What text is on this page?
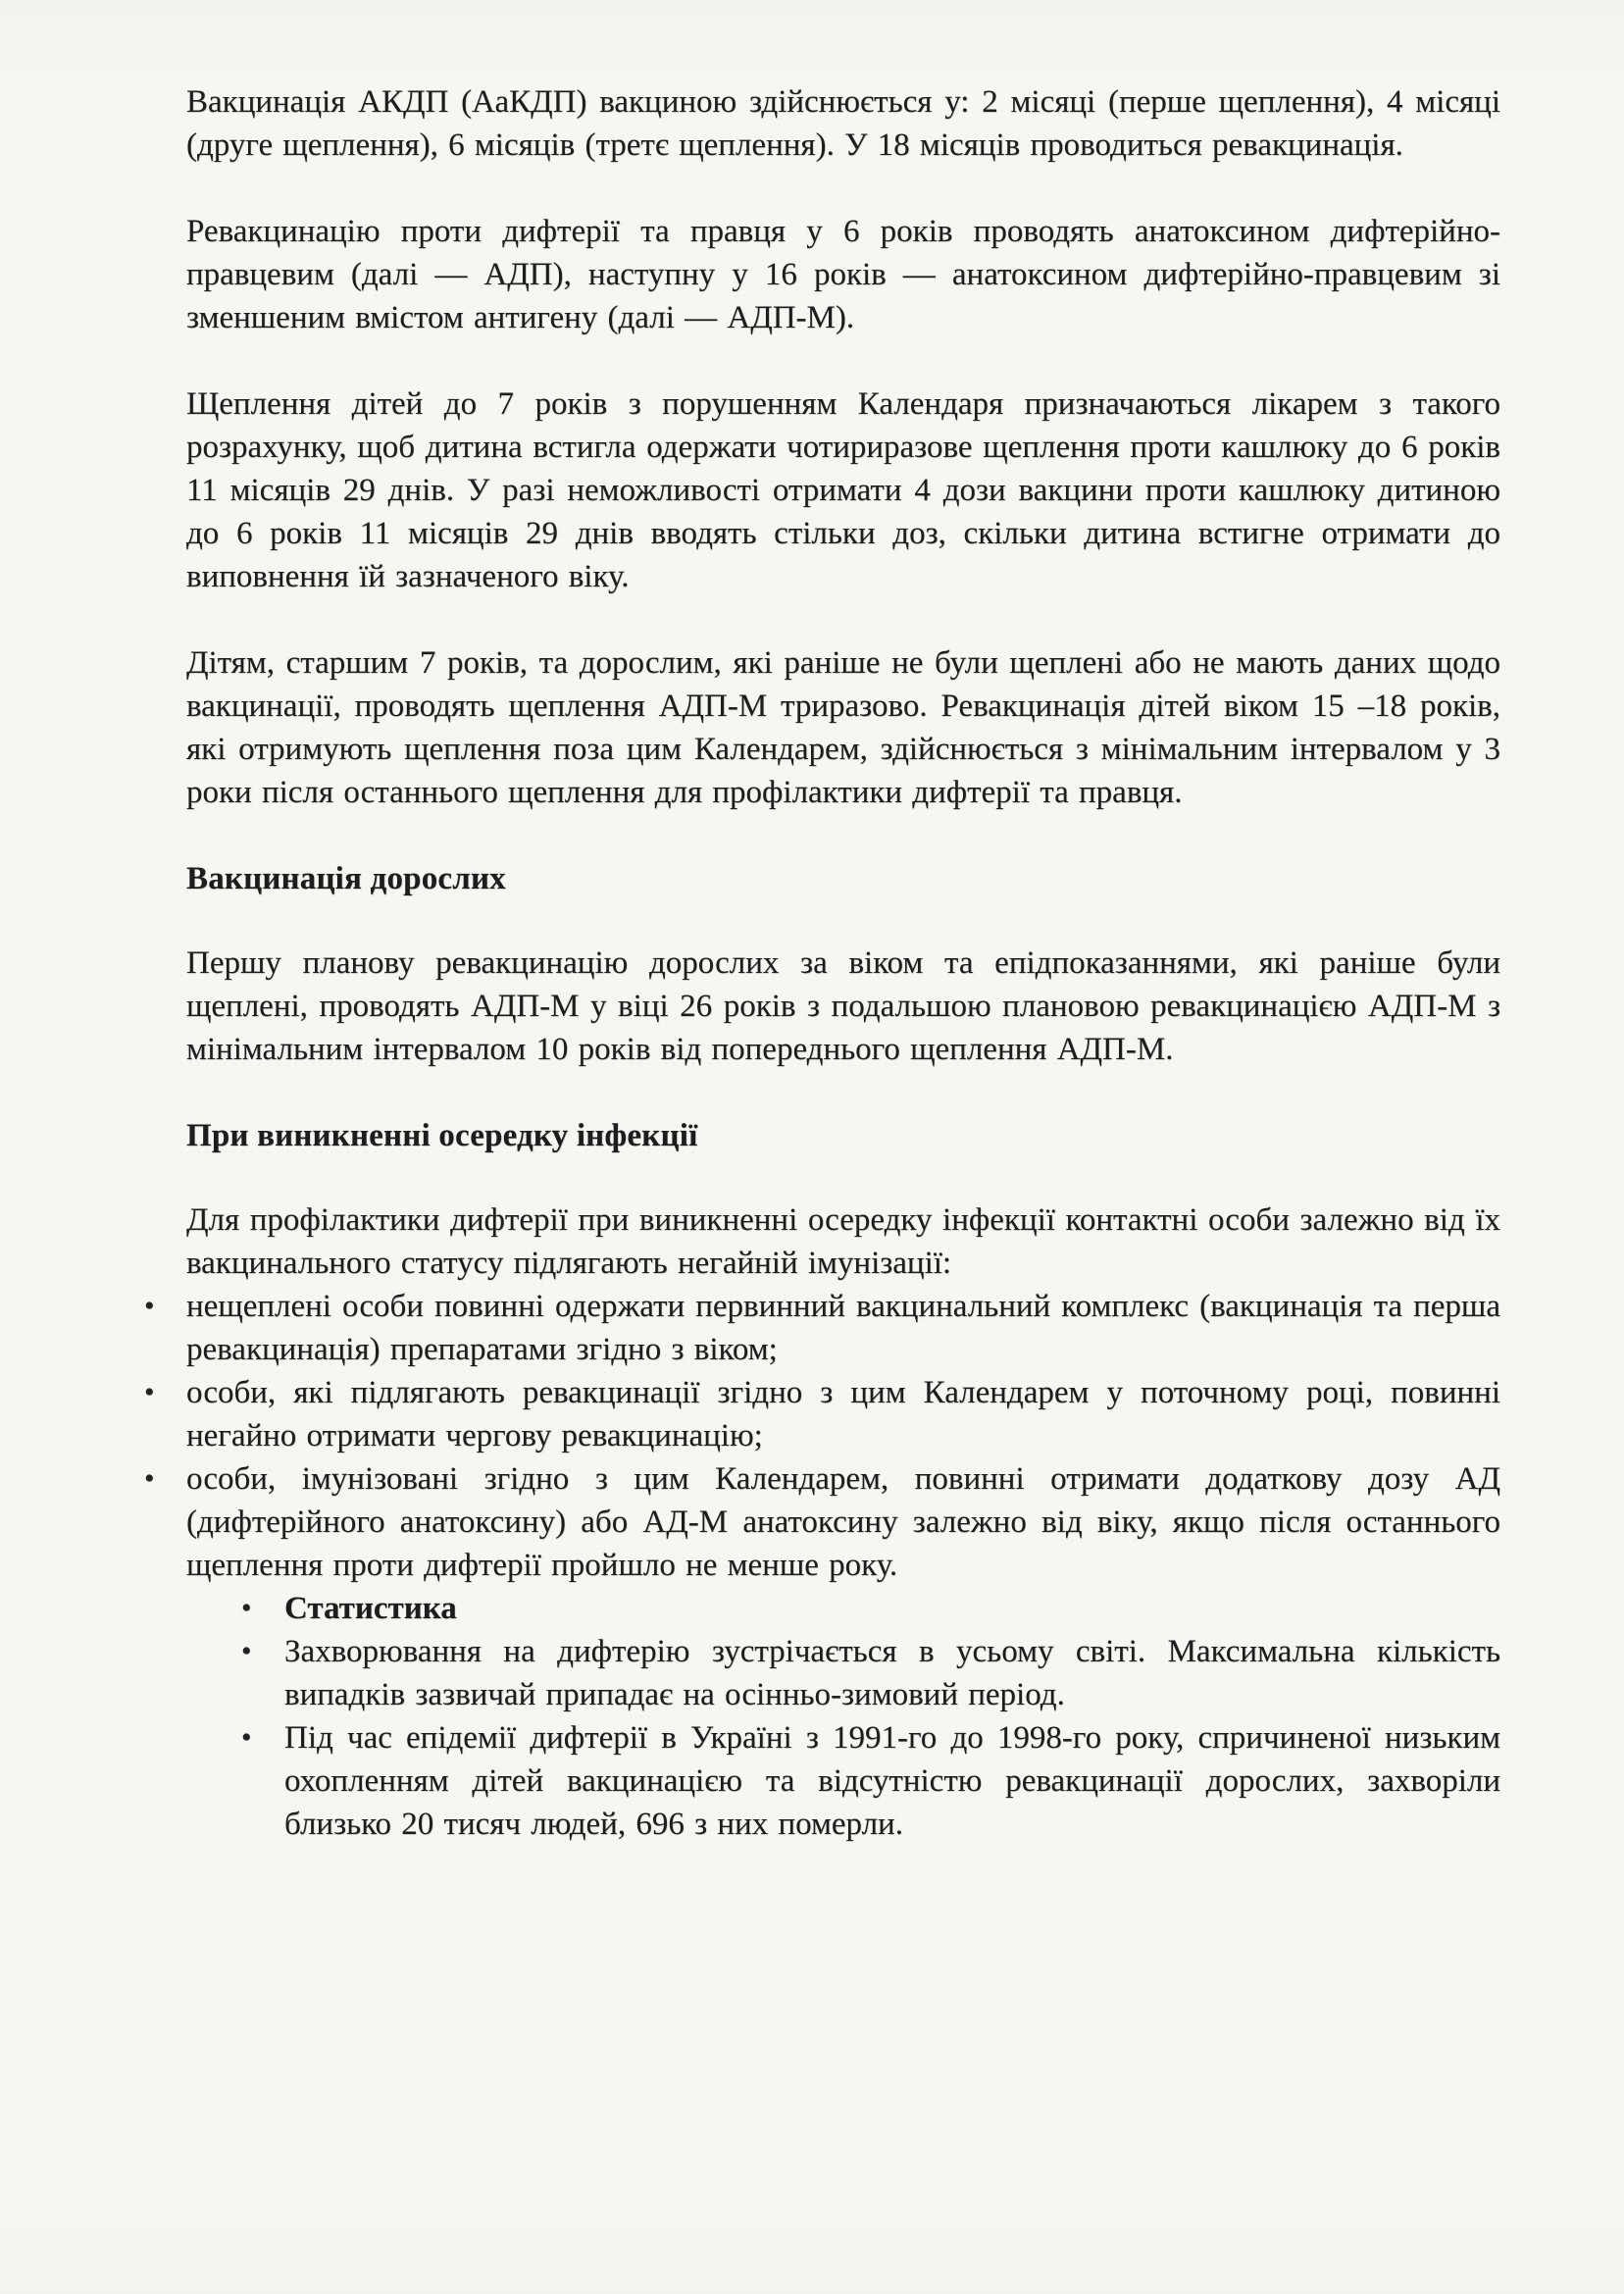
Вакцинація АКДП (АаКДП) вакциною здійснюється у: 2 місяці (перше щеплення), 4 місяці (друге щеплення), 6 місяців (третє щеплення). У 18 місяців проводиться ревакцинація.

Ревакцинацію проти дифтерії та правця у 6 років проводять анатоксином дифтерійно-правцевим (далі — АДП), наступну у 16 років — анатоксином дифтерійно-правцевим зі зменшеним вмістом антигену (далі — АДП-М).

Щеплення дітей до 7 років з порушенням Календаря призначаються лікарем з такого розрахунку, щоб дитина встигла одержати чотириразове щеплення проти кашлюку до 6 років 11 місяців 29 днів. У разі неможливості отримати 4 дози вакцини проти кашлюку дитиною до 6 років 11 місяців 29 днів вводять стільки доз, скільки дитина встигне отримати до виповнення їй зазначеного віку.

Дітям, старшим 7 років, та дорослим, які раніше не були щеплені або не мають даних щодо вакцинації, проводять щеплення АДП-М триразово. Ревакцинація дітей віком 15 –18 років, які отримують щеплення поза цим Календарем, здійснюється з мінімальним інтервалом у 3 роки після останнього щеплення для профілактики дифтерії та правця.

Вакцинація дорослих

Першу планову ревакцинацію дорослих за віком та епідпоказаннями, які раніше були щеплені, проводять АДП-М у віці 26 років з подальшою плановою ревакцинацією АДП-М з мінімальним інтервалом 10 років від попереднього щеплення АДП-М.

При виникненні осередку інфекції

Для профілактики дифтерії при виникненні осередку інфекції контактні особи залежно від їх вакцинального статусу підлягають негайній імунізації:

• нещеплені особи повинні одержати первинний вакцинальний комплекс (вакцинація та перша ревакцинація) препаратами згідно з віком;
• особи, які підлягають ревакцинації згідно з цим Календарем у поточному році, повинні негайно отримати чергову ревакцинацію;
• особи, імунізовані згідно з цим Календарем, повинні отримати додаткову дозу АД (дифтерійного анатоксину) або АД-М анатоксину залежно від віку, якщо після останнього щеплення проти дифтерії пройшло не менше року.
•	Статистика
•	Захворювання на дифтерію зустрічається в усьому світі. Максимальна кількість випадків зазвичай припадає на осінньо-зимовий період.
•	Під час епідемії дифтерії в Україні з 1991-го до 1998-го року, спричиненої низьким охопленням дітей вакцинацією та відсутністю ревакцинації дорослих, захворіли близько 20 тисяч людей, 696 з них померли.
